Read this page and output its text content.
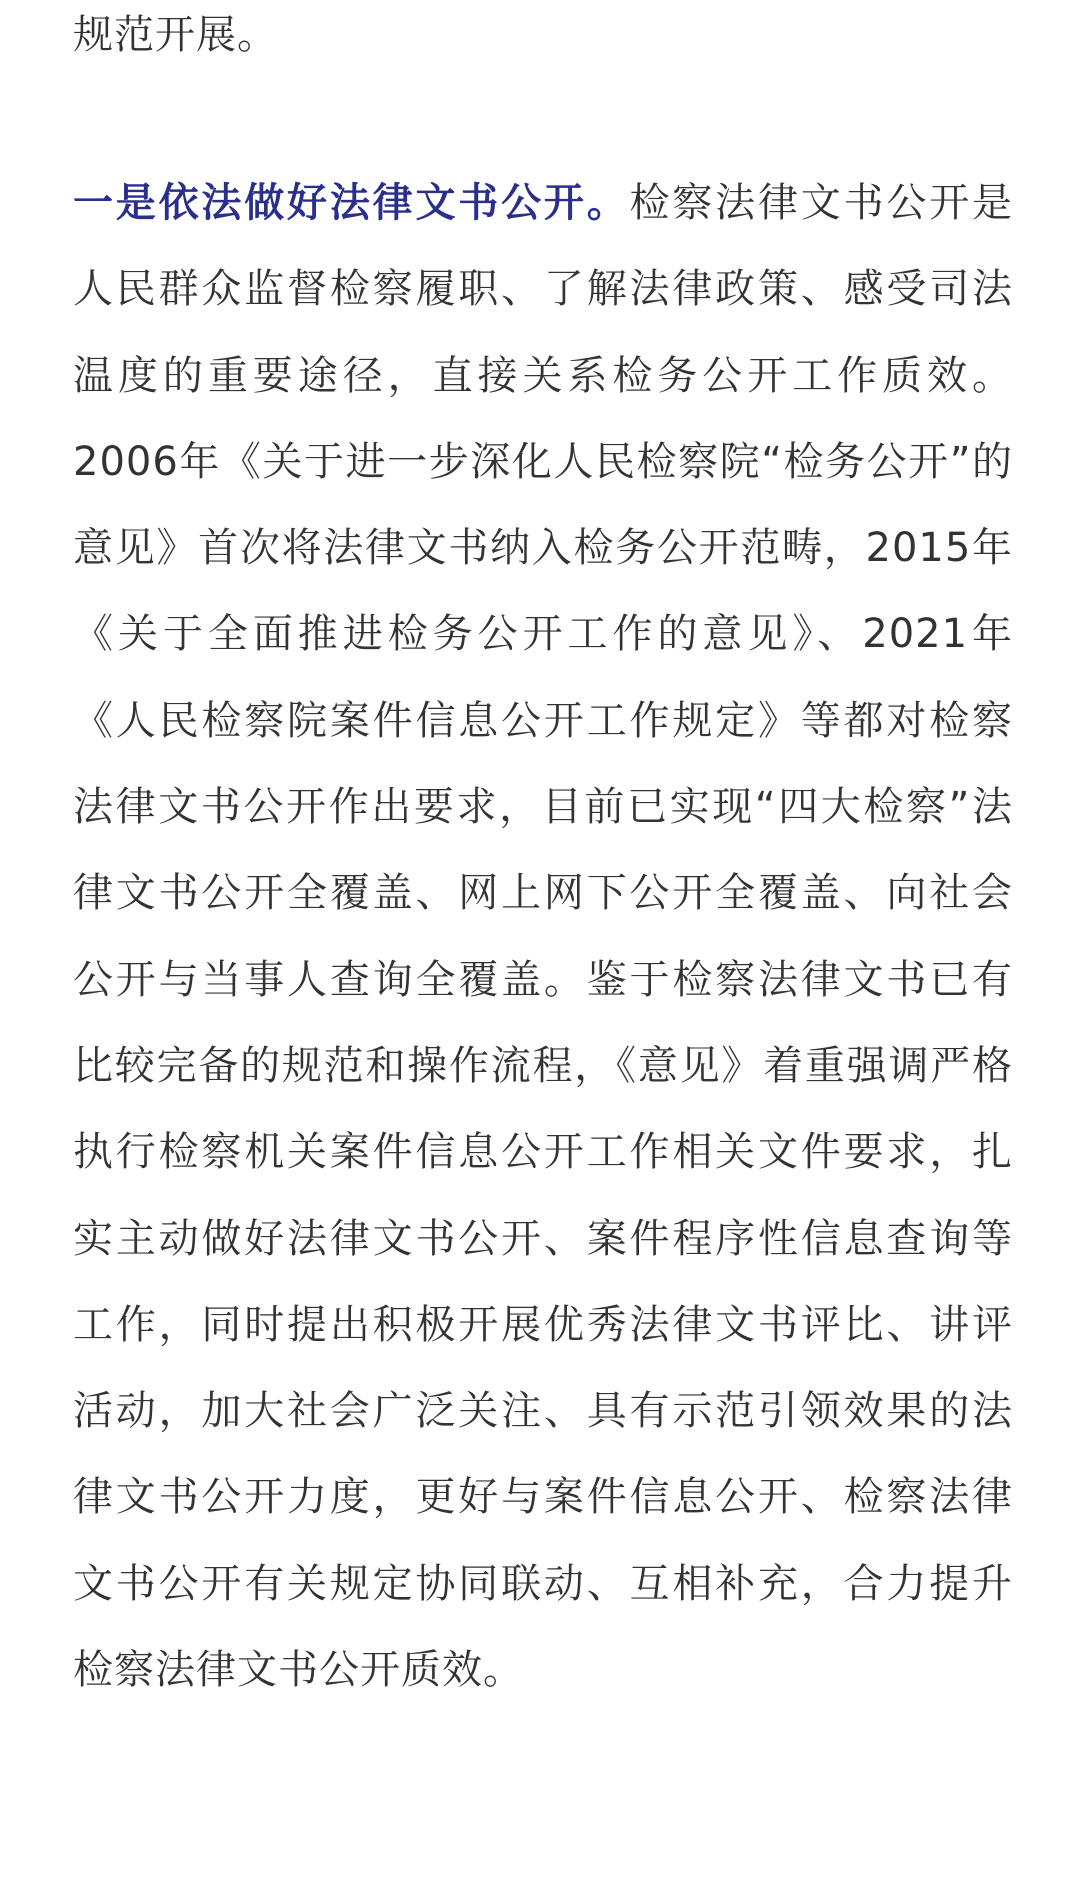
规范开展。

一是依法做好法律文书公开。检察法律文书公开是人民群众监督检察履职、了解法律政策、感受司法温度的重要途径，直接关系检务公开工作质效。2006年《关于进一步深化人民检察院“检务公开”的意见》首次将法律文书纳入检务公开范畴，2015年《关于全面推进检务公开工作的意见》、2021年《人民检察院案件信息公开工作规定》等都对检察法律文书公开作出要求，目前已实现“四大检察”法律文书公开全覆盖、网上网下公开全覆盖、向社会公开与当事人查询全覆盖。鉴于检察法律文书已有比较完备的规范和操作流程，《意见》着重强调严格执行检察机关案件信息公开工作相关文件要求，扎实主动做好法律文书公开、案件程序性信息查询等工作，同时提出积极开展优秀法律文书评比、讲评活动，加大社会广泛关注、具有示范引领效果的法律文书公开力度，更好与案件信息公开、检察法律文书公开有关规定协同联动、互相补充，合力提升检察法律文书公开质效。
